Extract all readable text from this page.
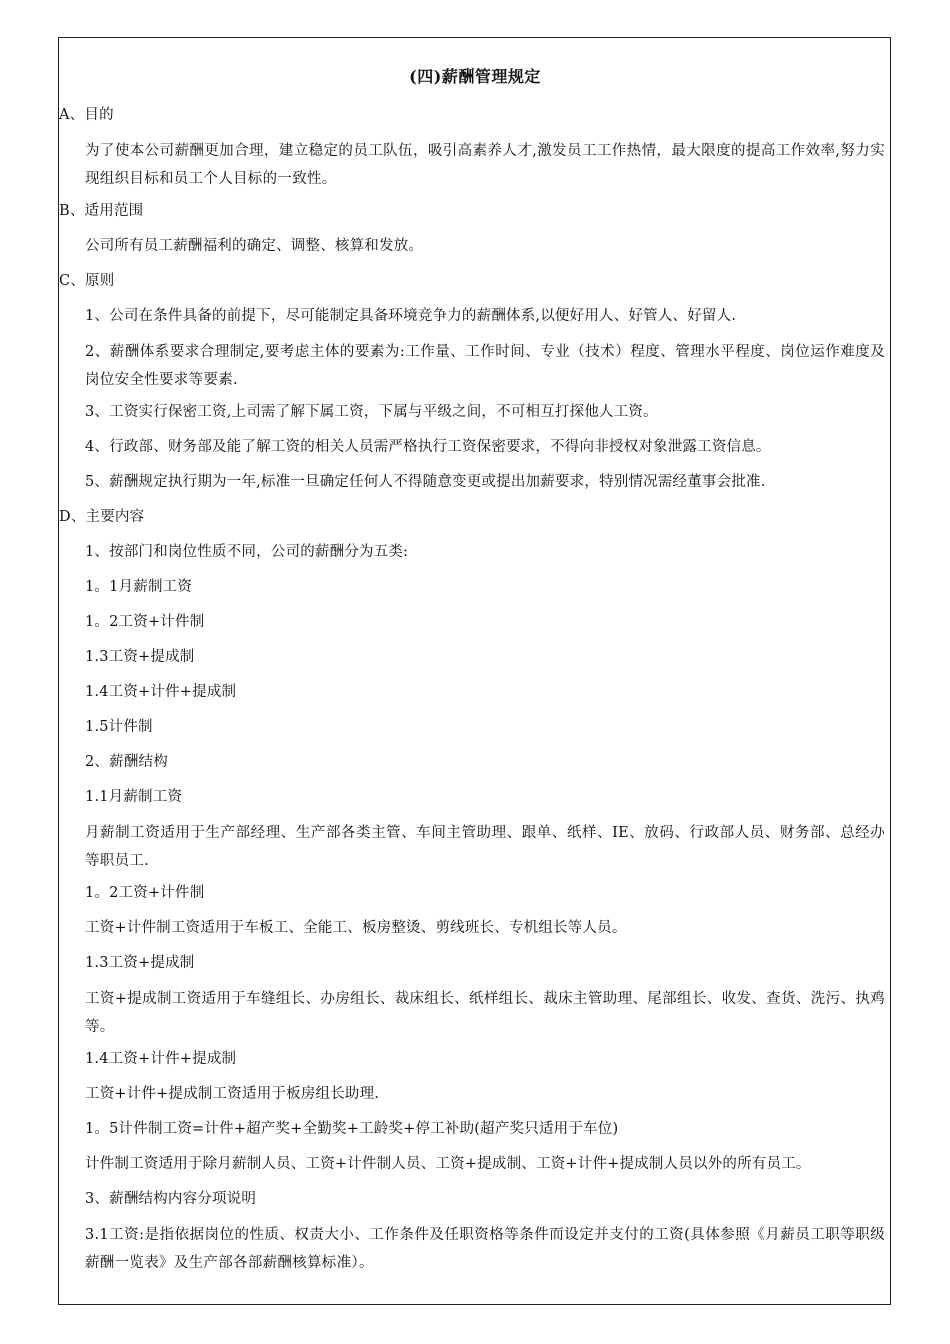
(四)薪酬管理规定
A、目的
为了使本公司薪酬更加合理，建立稳定的员工队伍，吸引高素养人才,激发员工工作热情，最大限度的提高工作效率,努力实现组织目标和员工个人目标的一致性。
B、适用范围
公司所有员工薪酬福利的确定、调整、核算和发放。
C、原则
1、公司在条件具备的前提下，尽可能制定具备环境竞争力的薪酬体系,以便好用人、好管人、好留人.
2、薪酬体系要求合理制定,要考虑主体的要素为:工作量、工作时间、专业（技术）程度、管理水平程度、岗位运作难度及岗位安全性要求等要素.
3、工资实行保密工资,上司需了解下属工资，下属与平级之间，不可相互打探他人工资。
4、行政部、财务部及能了解工资的相关人员需严格执行工资保密要求，不得向非授权对象泄露工资信息。
5、薪酬规定执行期为一年,标准一旦确定任何人不得随意变更或提出加薪要求，特别情况需经董事会批准.
D、主要内容
1、按部门和岗位性质不同，公司的薪酬分为五类:
1。1月薪制工资
1。2工资+计件制
1.3工资+提成制
1.4工资+计件+提成制
1.5计件制
2、薪酬结构
1.1月薪制工资
月薪制工资适用于生产部经理、生产部各类主管、车间主管助理、跟单、纸样、IE、放码、行政部人员、财务部、总经办等职员工.
1。2工资+计件制
工资+计件制工资适用于车板工、全能工、板房整烫、剪线班长、专机组长等人员。
1.3工资+提成制
工资+提成制工资适用于车缝组长、办房组长、裁床组长、纸样组长、裁床主管助理、尾部组长、收发、查货、洗污、执鸡等。
1.4工资+计件+提成制
工资+计件+提成制工资适用于板房组长助理.
1。5计件制工资=计件+超产奖+全勤奖+工龄奖+停工补助(超产奖只适用于车位)
计件制工资适用于除月薪制人员、工资+计件制人员、工资+提成制、工资+计件+提成制人员以外的所有员工。
3、薪酬结构内容分项说明
3.1工资:是指依据岗位的性质、权责大小、工作条件及任职资格等条件而设定并支付的工资(具体参照《月薪员工职等职级薪酬一览表》及生产部各部薪酬核算标准）。
